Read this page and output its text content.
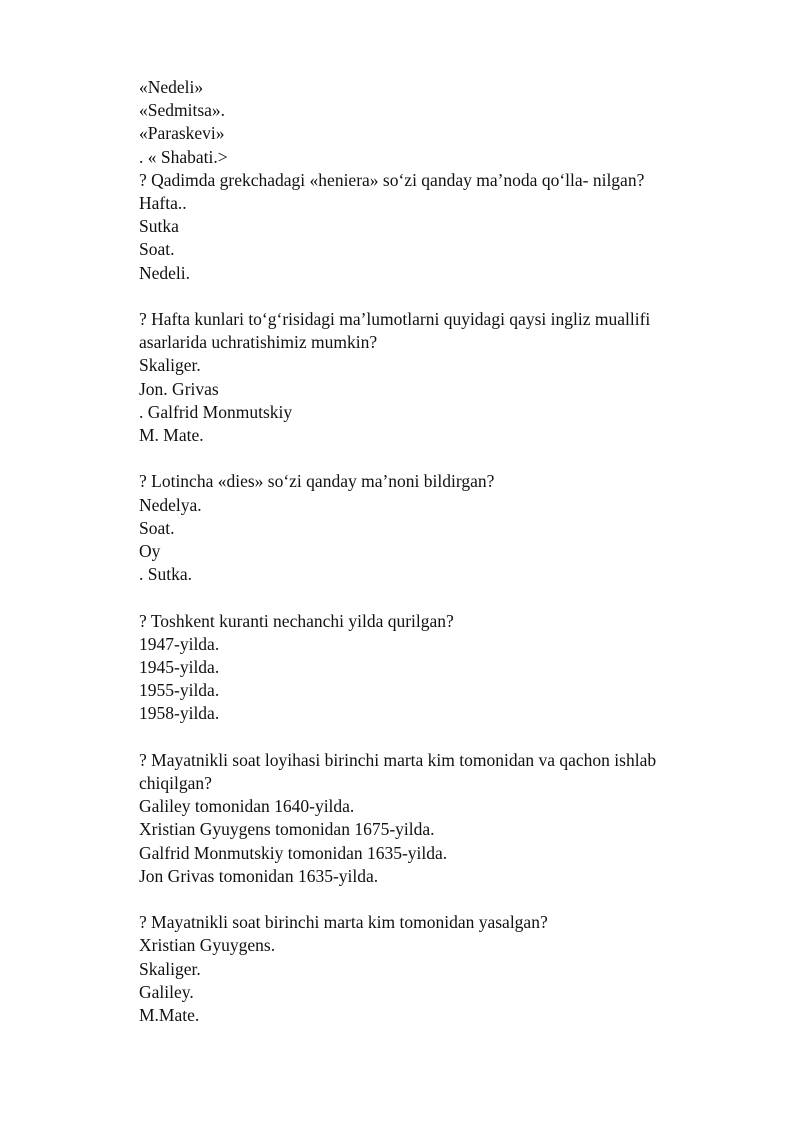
«Nedeli»
«Sedmitsa».
«Paraskevi»
. « Shabati.>
? Qadimda grekchadagi «heniera» so‘zi qanday ma’noda qo‘lla- nilgan?
Hafta..
Sutka
Soat.
Nedeli.
? Hafta kunlari to‘g‘risidagi ma’lumotlarni quyidagi qaysi ingliz muallifi
asarlarida uchratishimiz mumkin?
Skaliger.
Jon. Grivas
. Galfrid Monmutskiy
M. Mate.
? Lotincha «dies» so‘zi qanday ma’noni bildirgan?
Nedelya.
Soat.
Oy
. Sutka.
? Toshkent kuranti nechanchi yilda qurilgan?
1947-yilda.
1945-yilda.
1955-yilda.
1958-yilda.
? Mayatnikli soat loyihasi birinchi marta kim tomonidan va qachon ishlab
chiqilgan?
Galiley tomonidan 1640-yilda.
Xristian Gyuygens tomonidan 1675-yilda.
Galfrid Monmutskiy tomonidan 1635-yilda.
Jon Grivas tomonidan 1635-yilda.
? Mayatnikli soat birinchi marta kim tomonidan yasalgan?
Xristian Gyuygens.
Skaliger.
Galiley.
M.Mate.
